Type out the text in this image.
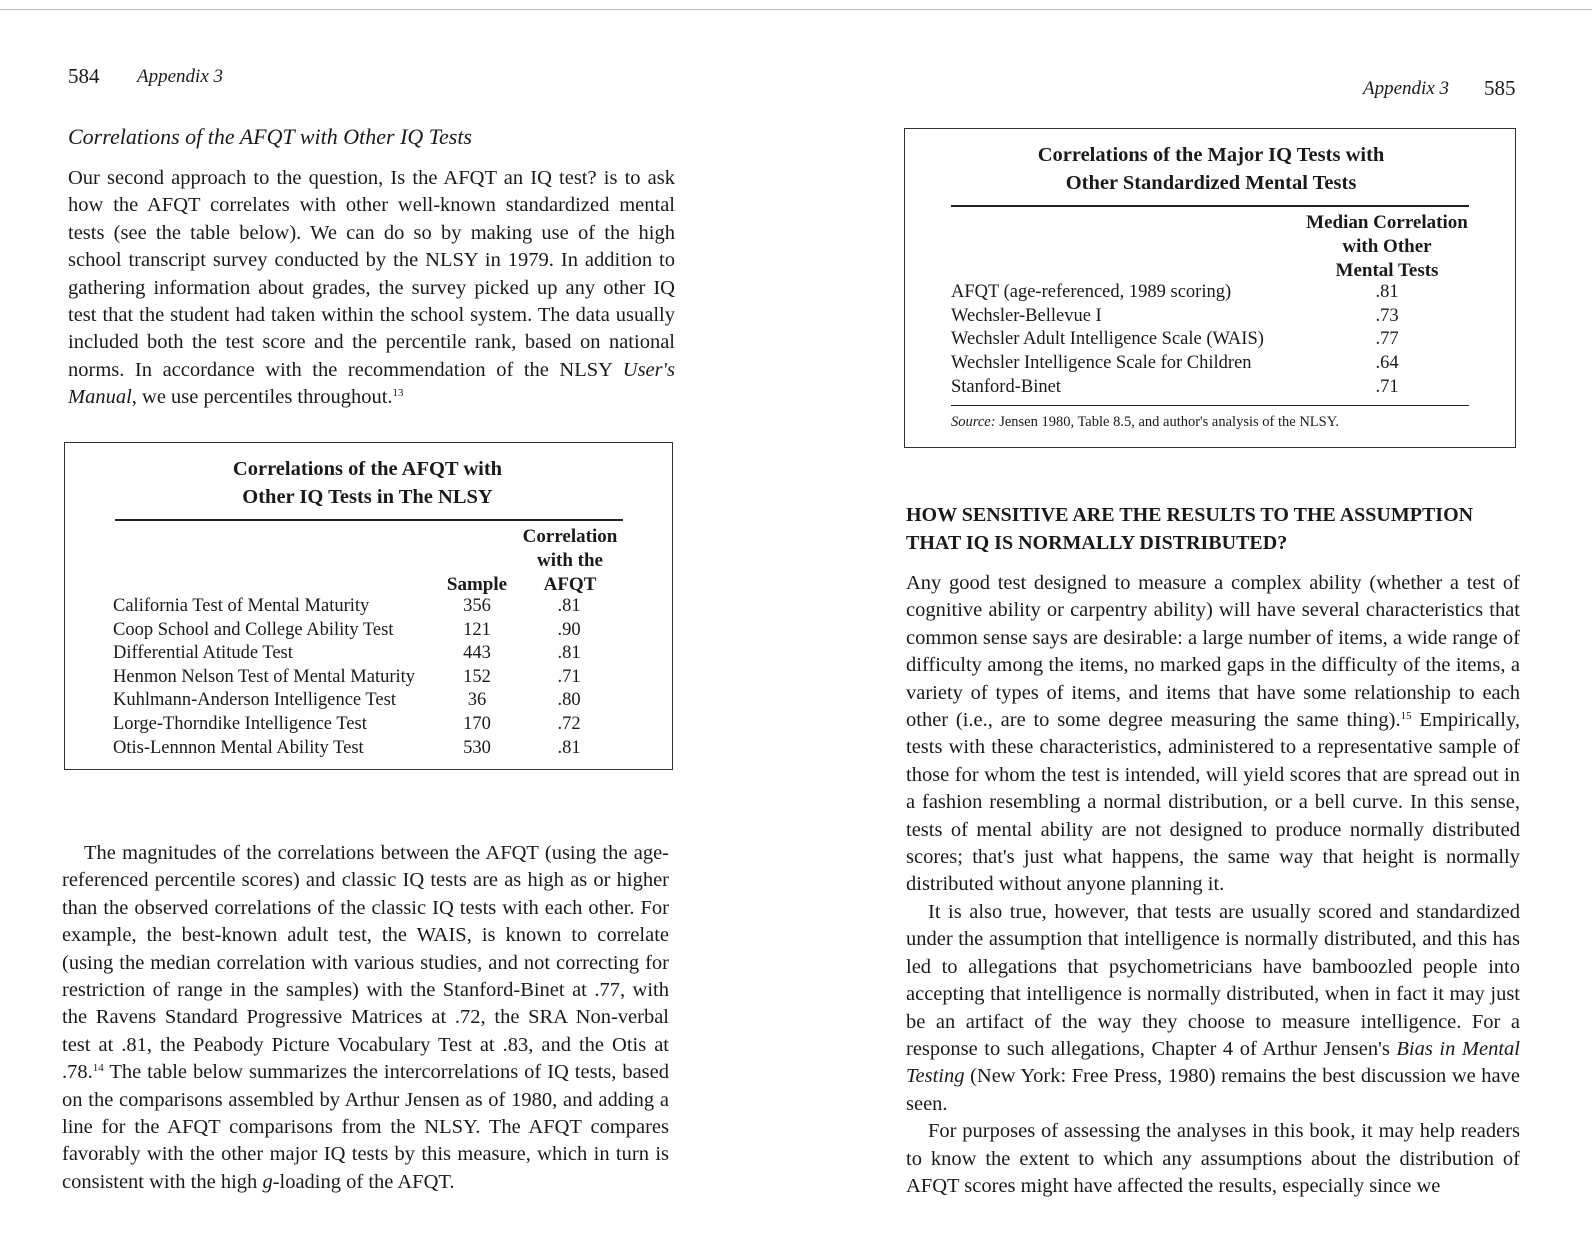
584 Appendix 3
Correlations of the AFQT with Other IQ Tests

Our second approach to the question, Is the AFQT an IQ test? is to ask how the AFQT correlates with other well-known standardized mental tests (see the table below). We can do so by making use of the high school transcript survey conducted by the NLSY in 1979. In addition to gathering information about grades, the survey picked up any other IQ test that the student had taken within the school system. The data usually included both the test score and the percentile rank, based on national norms. In accordance with the recommendation of the NLSY User's Manual, we use percentiles throughout.$^{13}$

Correlations of the AFQT with
Other IQ Tests in The NLSY
Sample
Correlation
with the
AFQT
California Test of Mental Maturity	356	.81
Coop School and College Ability Test	121	.90
Differential Atitude Test	443	.81
Henmon Nelson Test of Mental Maturity	152	.71
Kuhlmann-Anderson Intelligence Test	36	.80
Lorge-Thorndike Intelligence Test	170	.72
Otis-Lennnon Mental Ability Test	530	.81

The magnitudes of the correlations between the AFQT (using the age-referenced percentile scores) and classic IQ tests are as high as or higher than the observed correlations of the classic IQ tests with each other. For example, the best-known adult test, the WAIS, is known to correlate (using the median correlation with various studies, and not correcting for restriction of range in the samples) with the Stanford-Binet at .77, with the Ravens Standard Progressive Matrices at .72, the SRA Non-verbal test at .81, the Peabody Picture Vocabulary Test at .83, and the Otis at .78.14 The table below summarizes the intercorrelations of IQ tests, based on the comparisons assembled by Arthur Jensen as of 1980, and adding a line for the AFQT comparisons from the NLSY. The AFQT compares favorably with the other major IQ tests by this measure, which in turn is consistent with the high g-loading of the AFQT.

Appendix 3 585
Correlations of the Major IQ Tests with
Other Standardized Mental Tests
Median Correlation
with Other
Mental Tests
AFQT (age-referenced, 1989 scoring)	.81
Wechsler-Bellevue I	.73
Wechsler Adult Intelligence Scale (WAIS)	.77
Wechsler Intelligence Scale for Children	.64
Stanford-Binet	.71
Source: Jensen 1980, Table 8.5, and author's analysis of the NLSY.
HOW SENSITIVE ARE THE RESULTS TO THE ASSUMPTION
THAT IQ IS NORMALLY DISTRIBUTED?

Any good test designed to measure a complex ability (whether a test of cognitive ability or carpentry ability) will have several characteristics that common sense says are desirable: a large number of items, a wide range of difficulty among the items, no marked gaps in the difficulty of the items, a variety of types of items, and items that have some relationship to each other (i.e., are to some degree measuring the same thing).$^{15}$ Empirically, tests with these characteristics, administered to a representative sample of those for whom the test is intended, will yield scores that are spread out in a fashion resembling a normal distribution, or a bell curve. In this sense, tests of mental ability are not designed to produce normally distributed scores; that's just what happens, the same way that height is normally distributed without anyone planning it.

It is also true, however, that tests are usually scored and standardized under the assumption that intelligence is normally distributed, and this has led to allegations that psychometricians have bamboozled people into accepting that intelligence is normally distributed, when in fact it may just be an artifact of the way they choose to measure intelligence. For a response to such allegations, Chapter 4 of Arthur Jensen's Bias in Mental Testing (New York: Free Press, 1980) remains the best discussion we have seen.

For purposes of assessing the analyses in this book, it may help readers to know the extent to which any assumptions about the distribution of AFQT scores might have affected the results, especially since we
